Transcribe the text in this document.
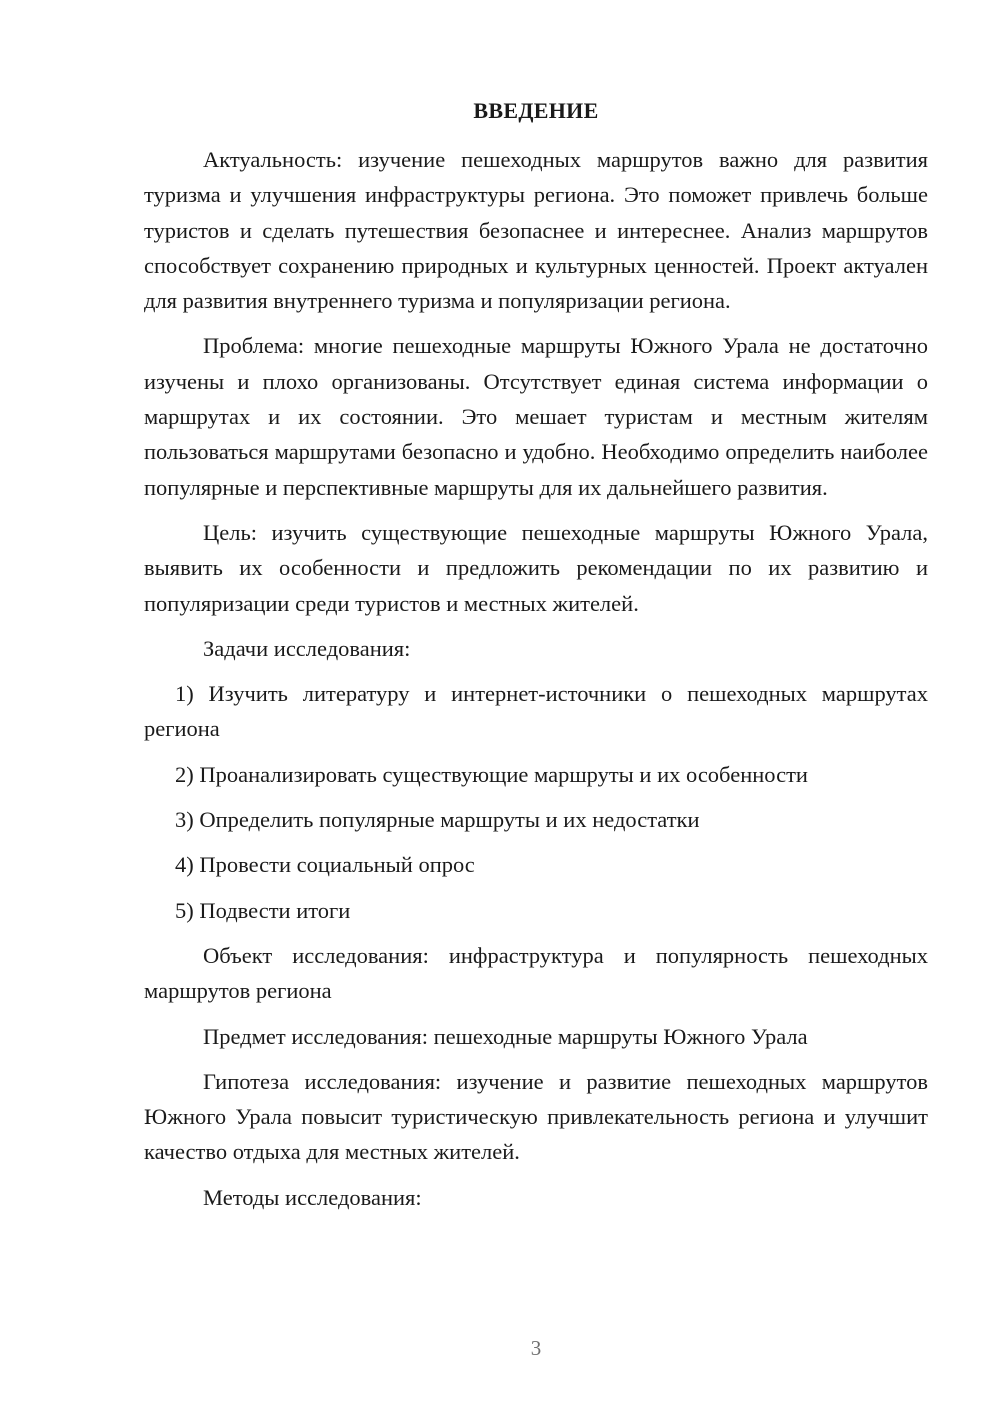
ВВЕДЕНИЕ

Актуальность: изучение пешеходных маршрутов важно для развития туризма и улучшения инфраструктуры региона. Это поможет привлечь больше туристов и сделать путешествия безопаснее и интереснее. Анализ маршрутов способствует сохранению природных и культурных ценностей. Проект актуален для развития внутреннего туризма и популяризации региона.

Проблема: многие пешеходные маршруты Южного Урала не достаточно изучены и плохо организованы. Отсутствует единая система информации о маршрутах и их состоянии. Это мешает туристам и местным жителям пользоваться маршрутами безопасно и удобно. Необходимо определить наиболее популярные и перспективные маршруты для их дальнейшего развития.

Цель: изучить существующие пешеходные маршруты Южного Урала, выявить их особенности и предложить рекомендации по их развитию и популяризации среди туристов и местных жителей.

Задачи исследования:

1) Изучить литературу и интернет-источники о пешеходных маршрутах региона

2) Проанализировать существующие маршруты и их особенности

3) Определить популярные маршруты и их недостатки

4) Провести социальный опрос

5) Подвести итоги

Объект исследования: инфраструктура и популярность пешеходных маршрутов региона

Предмет исследования: пешеходные маршруты Южного Урала

Гипотеза исследования: изучение и развитие пешеходных маршрутов Южного Урала повысит туристическую привлекательность региона и улучшит качество отдыха для местных жителей.

Методы исследования:

3
